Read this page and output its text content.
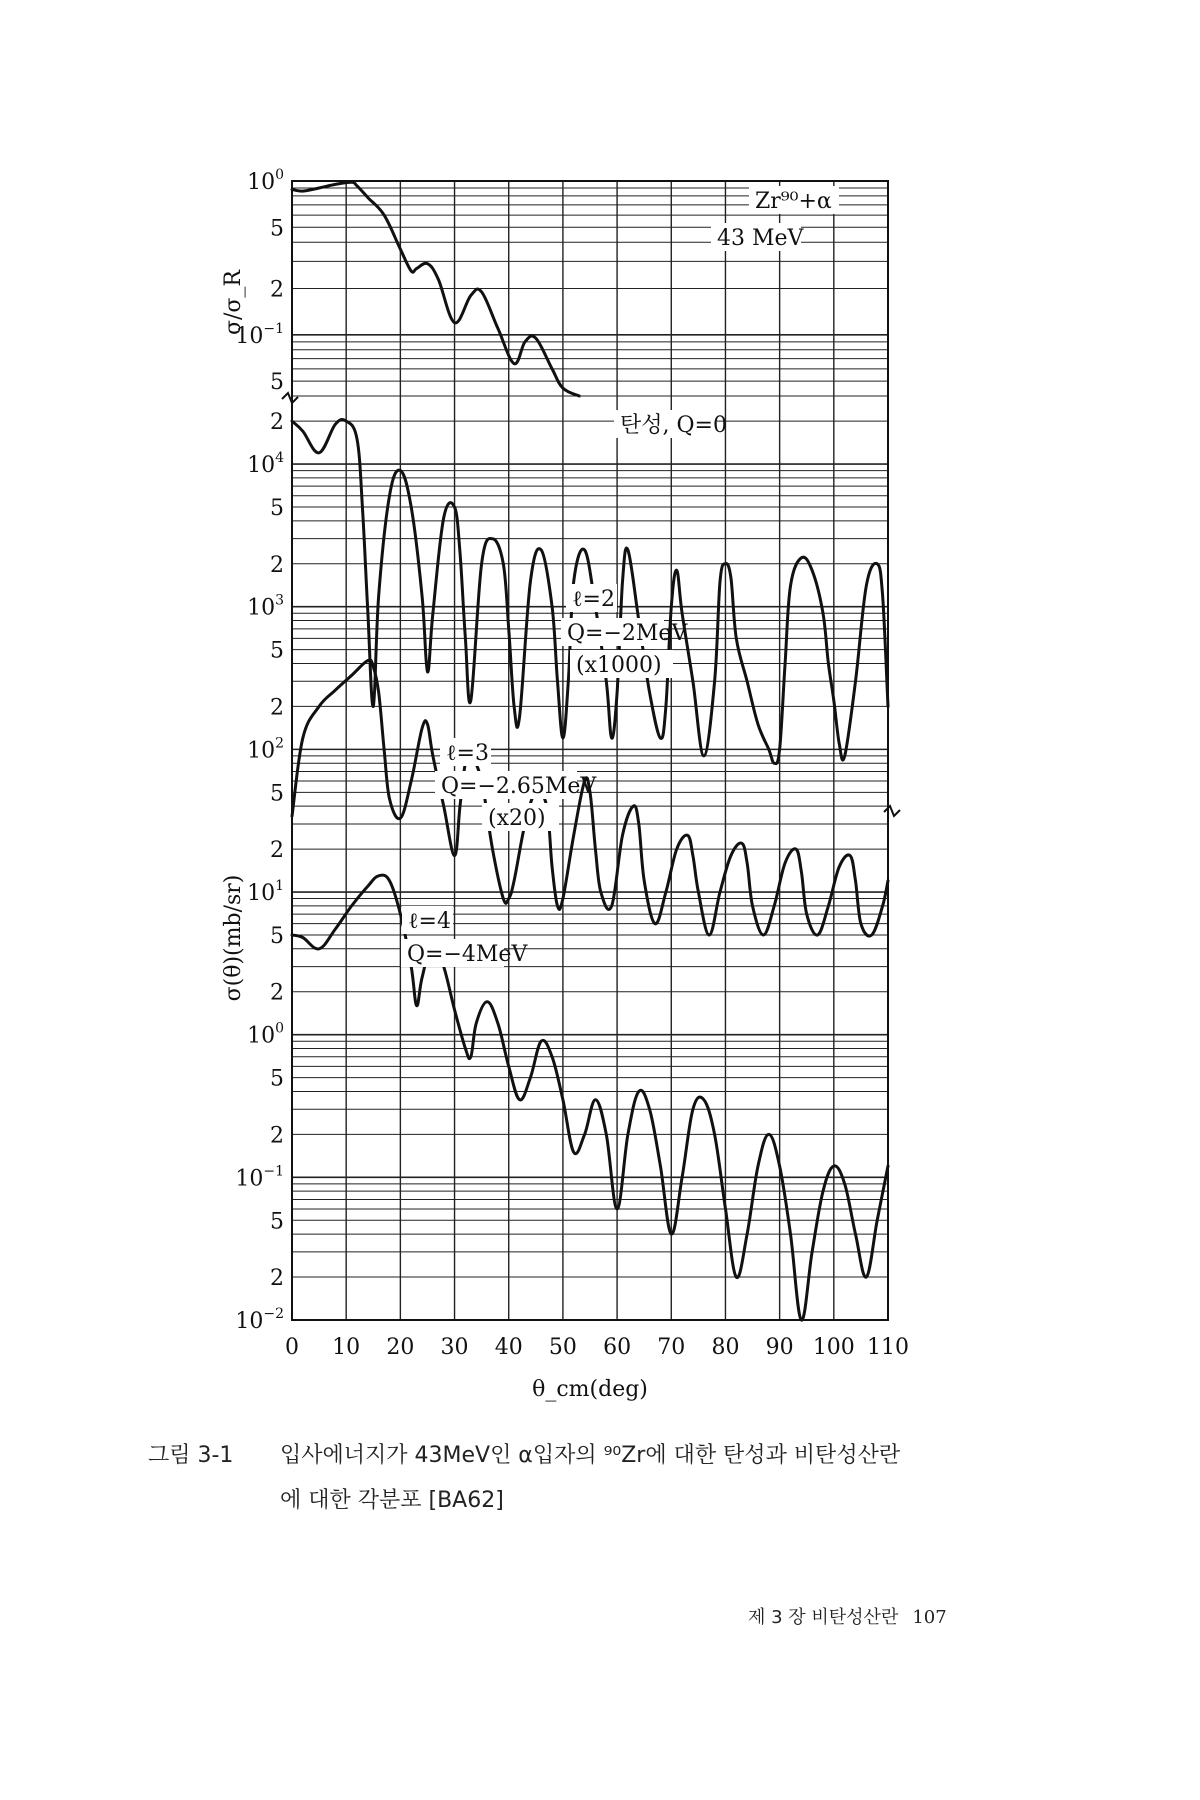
0 10 20 30 40 50 60 70 80 90 100 110
θ_cm(deg)
$10^0$
5
2
$10^{-1}$
5
σ/σ_R
2
$10^4$
5
2
$10^3$
5
2
$10^2$
5
2
$10^1$
5
2
$10^0$
5
2
$10^{-1}$
5
2
$10^{-2}$
σ(θ)(mb/sr)
Zr⁹⁰+α
43 MeV
탄성, Q=0
ℓ=2
Q=−2MeV
(x1000)
ℓ=3
Q=−2.65MeV
(x20)
ℓ=4
Q=−4MeV
그림 3-1	입사에너지가 43MeV인 α입자의 ⁹⁰Zr에 대한 탄성과 비탄성산란
에 대한 각분포 [BA62]
제 3 장 비탄성산란 107
